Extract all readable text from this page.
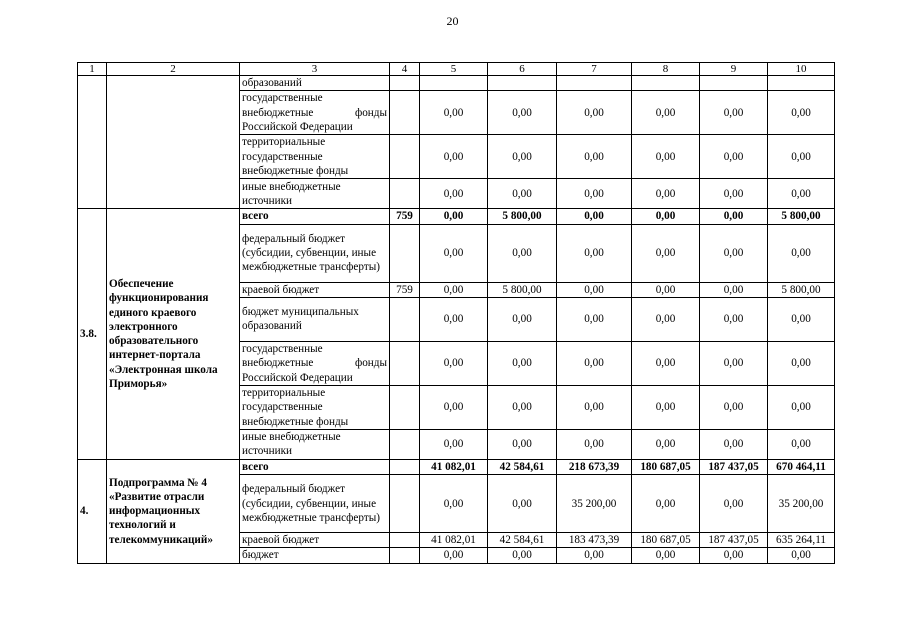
20
1	2	3	4	5	6	7	8	9	10
		образований							
		государственные внебюджетные фонды Российской Федерации		0,00	0,00	0,00	0,00	0,00	0,00
		территориальные государственные внебюджетные фонды		0,00	0,00	0,00	0,00	0,00	0,00
		иные внебюджетные источники		0,00	0,00	0,00	0,00	0,00	0,00
3.8.	Обеспечение функционирования единого краевого электронного образовательного интернет-портала «Электронная школа Приморья»	всего	759	0,00	5 800,00	0,00	0,00	0,00	5 800,00
		федеральный бюджет (субсидии, субвенции, иные межбюджетные трансферты)		0,00	0,00	0,00	0,00	0,00	0,00
		краевой бюджет	759	0,00	5 800,00	0,00	0,00	0,00	5 800,00
		бюджет муниципальных образований		0,00	0,00	0,00	0,00	0,00	0,00
		государственные внебюджетные фонды Российской Федерации		0,00	0,00	0,00	0,00	0,00	0,00
		территориальные государственные внебюджетные фонды		0,00	0,00	0,00	0,00	0,00	0,00
		иные внебюджетные источники		0,00	0,00	0,00	0,00	0,00	0,00
4.	Подпрограмма № 4 «Развитие отрасли информационных технологий и телекоммуникаций»	всего		41 082,01	42 584,61	218 673,39	180 687,05	187 437,05	670 464,11
		федеральный бюджет (субсидии, субвенции, иные межбюджетные трансферты)		0,00	0,00	35 200,00	0,00	0,00	35 200,00
		краевой бюджет		41 082,01	42 584,61	183 473,39	180 687,05	187 437,05	635 264,11
		бюджет		0,00	0,00	0,00	0,00	0,00	0,00
